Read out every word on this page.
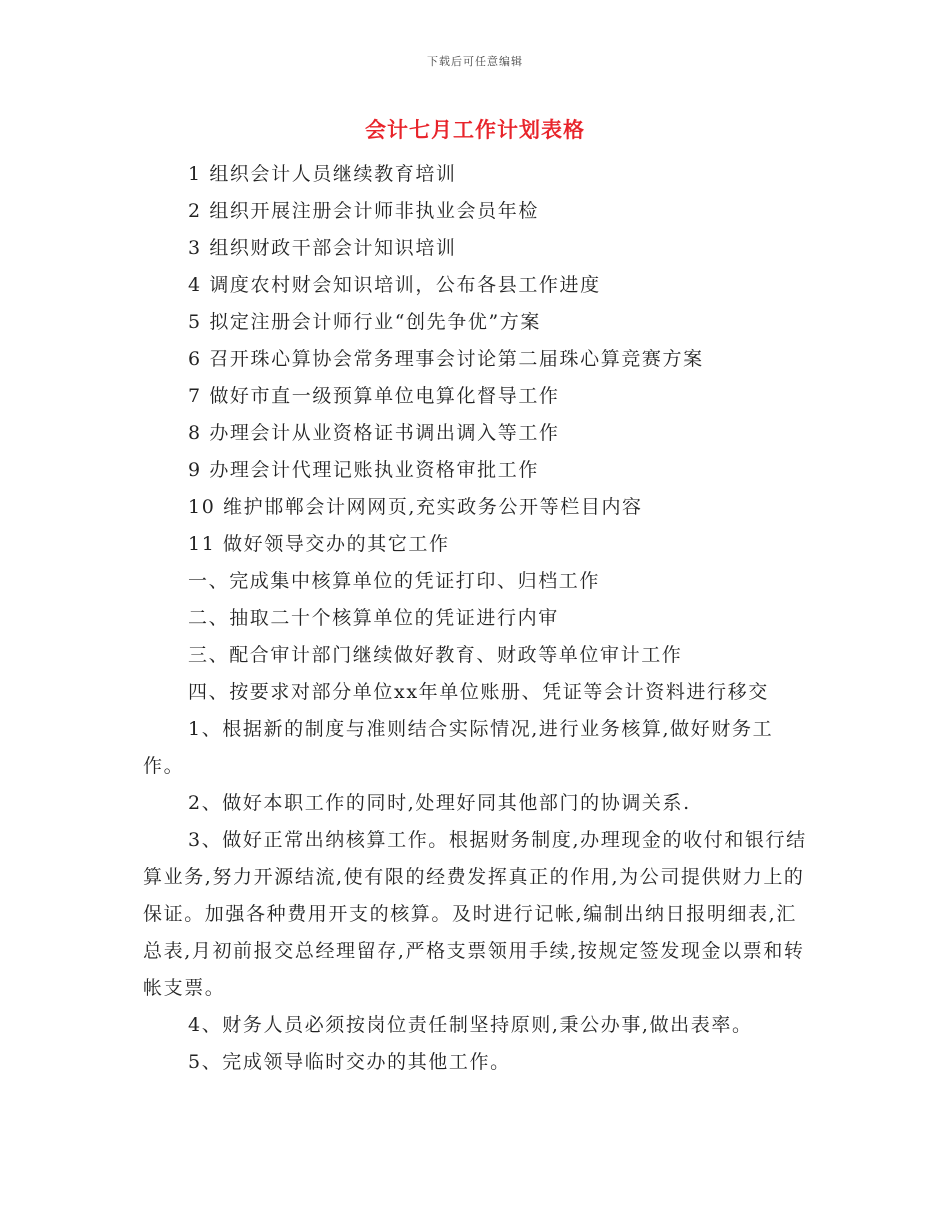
下载后可任意编辑
会计七月工作计划表格

1 组织会计人员继续教育培训

2 组织开展注册会计师非执业会员年检

3 组织财政干部会计知识培训

4 调度农村财会知识培训，公布各县工作进度

5 拟定注册会计师行业“创先争优”方案

6 召开珠心算协会常务理事会讨论第二届珠心算竞赛方案

7 做好市直一级预算单位电算化督导工作

8 办理会计从业资格证书调出调入等工作

9 办理会计代理记账执业资格审批工作

10 维护邯郸会计网网页,充实政务公开等栏目内容

11 做好领导交办的其它工作

一、完成集中核算单位的凭证打印、归档工作

二、抽取二十个核算单位的凭证进行内审

三、配合审计部门继续做好教育、财政等单位审计工作

四、按要求对部分单位xx年单位账册、凭证等会计资料进行移交

1、根据新的制度与准则结合实际情况,进行业务核算,做好财务工作。

2、做好本职工作的同时,处理好同其他部门的协调关系.

3、做好正常出纳核算工作。根据财务制度,办理现金的收付和银行结算业务,努力开源结流,使有限的经费发挥真正的作用,为公司提供财力上的保证。加强各种费用开支的核算。及时进行记帐,编制出纳日报明细表,汇总表,月初前报交总经理留存,严格支票领用手续,按规定签发现金以票和转帐支票。

4、财务人员必须按岗位责任制坚持原则,秉公办事,做出表率。

5、完成领导临时交办的其他工作。
